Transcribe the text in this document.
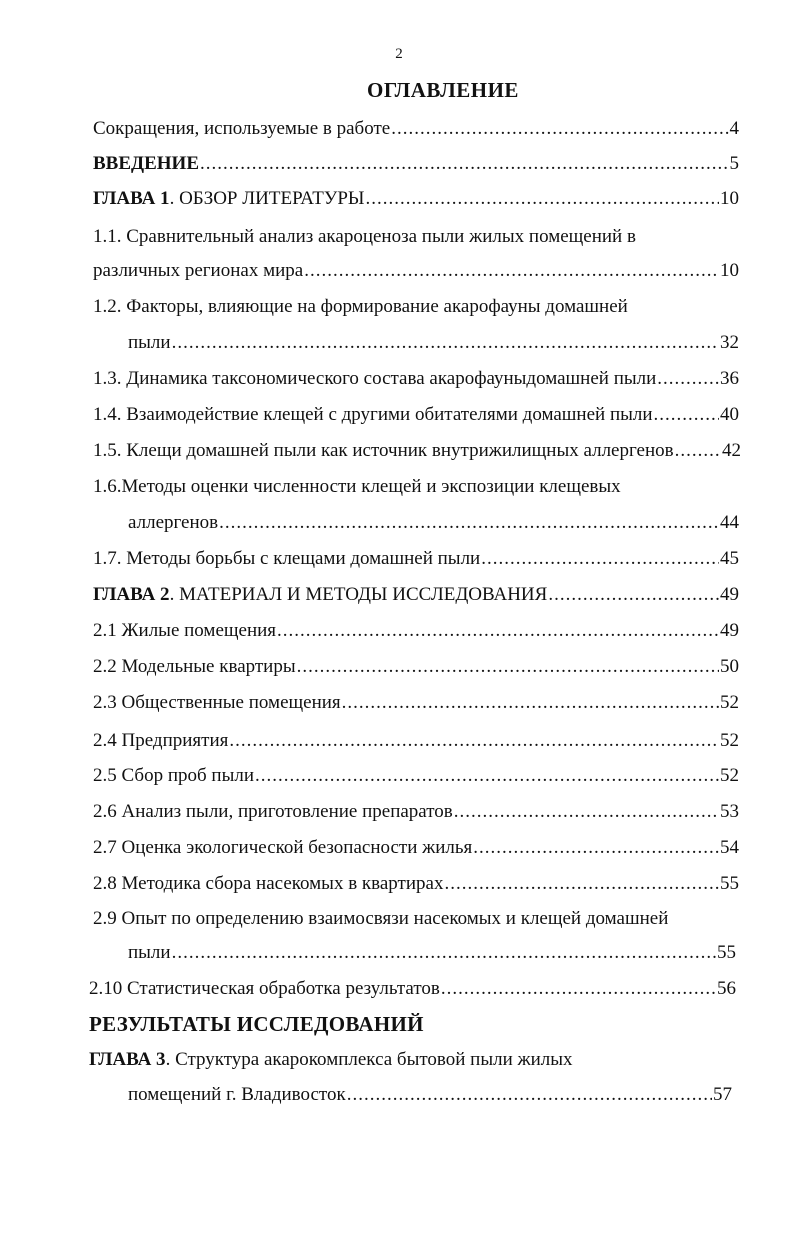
2
ОГЛАВЛЕНИЕ
Сокращения, используемые в работе .....	4
ВВЕДЕНИЕ .....	5
ГЛАВА 1. ОБЗОР ЛИТЕРАТУРЫ .....	10
1.1. Сравнительный анализ акароценоза пыли жилых помещений в
различных регионах мира .....	10
1.2. Факторы, влияющие на формирование акарофауны домашней
пыли .....	32
1.3. Динамика таксономического состава акарофауныдомашней пыли .....	36
1.4. Взаимодействие клещей с другими обитателями домашней пыли .....	40
1.5. Клещи домашней пыли как источник внутрижилищных аллергенов .....	42
1.6.Методы оценки численности клещей и экспозиции клещевых
аллергенов .....	44
1.7. Методы борьбы с клещами домашней пыли .....	45
ГЛАВА 2. МАТЕРИАЛ И МЕТОДЫ ИССЛЕДОВАНИЯ .....	49
2.1 Жилые помещения .....	49
2.2 Модельные квартиры .....	50
2.3 Общественные помещения .....	52
2.4 Предприятия .....	52
2.5 Сбор проб пыли .....	52
2.6 Анализ пыли, приготовление препаратов .....	53
2.7 Оценка экологической безопасности жилья .....	54
2.8 Методика сбора насекомых в квартирах .....	55
2.9 Опыт по определению взаимосвязи насекомых и клещей домашней
пыли .....	55
2.10 Статистическая обработка результатов .....	56
РЕЗУЛЬТАТЫ ИССЛЕДОВАНИЙ
ГЛАВА 3. Структура акарокомплекса бытовой пыли жилых
помещений г. Владивосток .....	57
